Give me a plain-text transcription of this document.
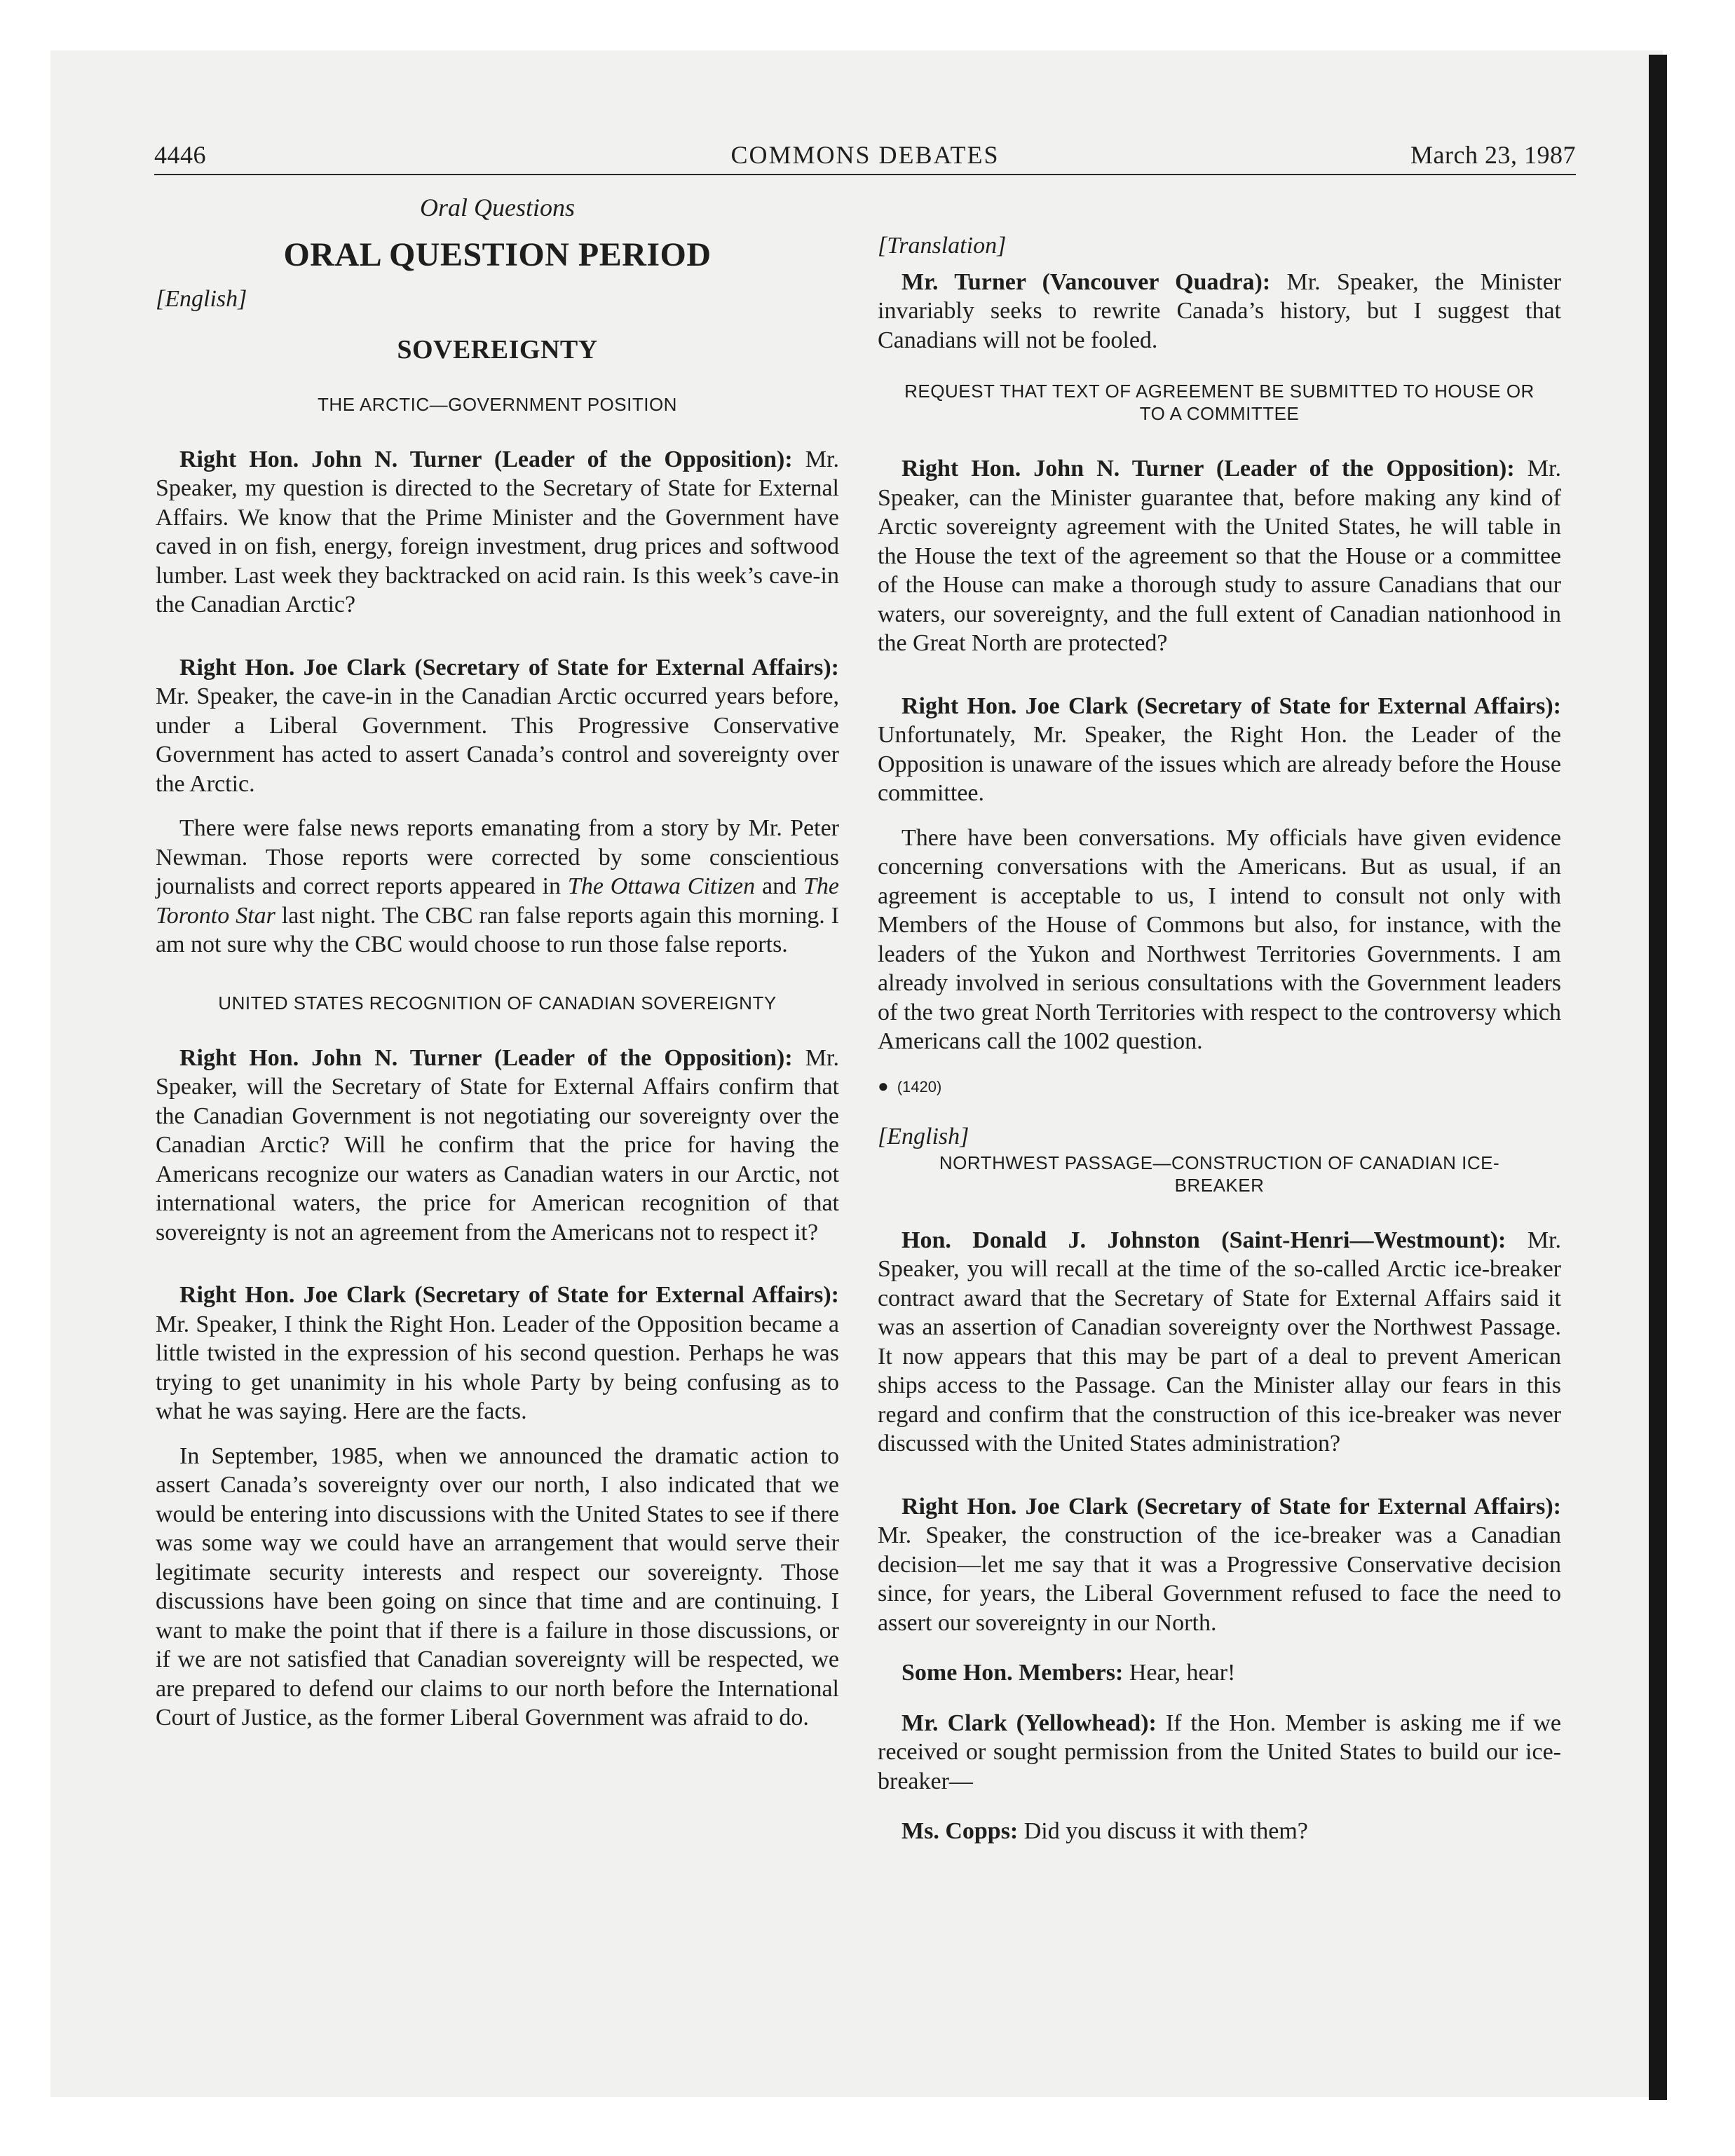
4446	COMMONS DEBATES	March 23, 1987
Oral Questions
ORAL QUESTION PERIOD
[English]
SOVEREIGNTY
THE ARCTIC—GOVERNMENT POSITION

Right Hon. John N. Turner (Leader of the Opposition): Mr. Speaker, my question is directed to the Secretary of State for External Affairs. We know that the Prime Minister and the Government have caved in on fish, energy, foreign investment, drug prices and softwood lumber. Last week they backtracked on acid rain. Is this week’s cave-in the Canadian Arctic?

Right Hon. Joe Clark (Secretary of State for External Affairs): Mr. Speaker, the cave-in in the Canadian Arctic occurred years before, under a Liberal Government. This Progressive Conservative Government has acted to assert Canada’s control and sovereignty over the Arctic.

There were false news reports emanating from a story by Mr. Peter Newman. Those reports were corrected by some conscientious journalists and correct reports appeared in The Ottawa Citizen and The Toronto Star last night. The CBC ran false reports again this morning. I am not sure why the CBC would choose to run those false reports.

UNITED STATES RECOGNITION OF CANADIAN SOVEREIGNTY

Right Hon. John N. Turner (Leader of the Opposition): Mr. Speaker, will the Secretary of State for External Affairs confirm that the Canadian Government is not negotiating our sovereignty over the Canadian Arctic? Will he confirm that the price for having the Americans recognize our waters as Canadian waters in our Arctic, not international waters, the price for American recognition of that sovereignty is not an agreement from the Americans not to respect it?

Right Hon. Joe Clark (Secretary of State for External Affairs): Mr. Speaker, I think the Right Hon. Leader of the Opposition became a little twisted in the expression of his second question. Perhaps he was trying to get unanimity in his whole Party by being confusing as to what he was saying. Here are the facts.

In September, 1985, when we announced the dramatic action to assert Canada’s sovereignty over our north, I also indicated that we would be entering into discussions with the United States to see if there was some way we could have an arrangement that would serve their legitimate security interests and respect our sovereignty. Those discussions have been going on since that time and are continuing. I want to make the point that if there is a failure in those discussions, or if we are not satisfied that Canadian sovereignty will be respected, we are prepared to defend our claims to our north before the International Court of Justice, as the former Liberal Government was afraid to do.

[Translation]

Mr. Turner (Vancouver Quadra): Mr. Speaker, the Minister invariably seeks to rewrite Canada’s history, but I suggest that Canadians will not be fooled.

REQUEST THAT TEXT OF AGREEMENT BE SUBMITTED TO HOUSE OR TO A COMMITTEE

Right Hon. John N. Turner (Leader of the Opposition): Mr. Speaker, can the Minister guarantee that, before making any kind of Arctic sovereignty agreement with the United States, he will table in the House the text of the agreement so that the House or a committee of the House can make a thorough study to assure Canadians that our waters, our sovereignty, and the full extent of Canadian nationhood in the Great North are protected?

Right Hon. Joe Clark (Secretary of State for External Affairs): Unfortunately, Mr. Speaker, the Right Hon. the Leader of the Opposition is unaware of the issues which are already before the House committee.

There have been conversations. My officials have given evidence concerning conversations with the Americans. But as usual, if an agreement is acceptable to us, I intend to consult not only with Members of the House of Commons but also, for instance, with the leaders of the Yukon and Northwest Territories Governments. I am already involved in serious consultations with the Government leaders of the two great North Territories with respect to the controversy which Americans call the 1002 question.

● (1420)
[English]
NORTHWEST PASSAGE—CONSTRUCTION OF CANADIAN ICE-BREAKER

Hon. Donald J. Johnston (Saint-Henri—Westmount): Mr. Speaker, you will recall at the time of the so-called Arctic ice-breaker contract award that the Secretary of State for External Affairs said it was an assertion of Canadian sovereignty over the Northwest Passage. It now appears that this may be part of a deal to prevent American ships access to the Passage. Can the Minister allay our fears in this regard and confirm that the construction of this ice-breaker was never discussed with the United States administration?

Right Hon. Joe Clark (Secretary of State for External Affairs): Mr. Speaker, the construction of the ice-breaker was a Canadian decision—let me say that it was a Progressive Conservative decision since, for years, the Liberal Government refused to face the need to assert our sovereignty in our North.

Some Hon. Members: Hear, hear!

Mr. Clark (Yellowhead): If the Hon. Member is asking me if we received or sought permission from the United States to build our ice-breaker—

Ms. Copps: Did you discuss it with them?
